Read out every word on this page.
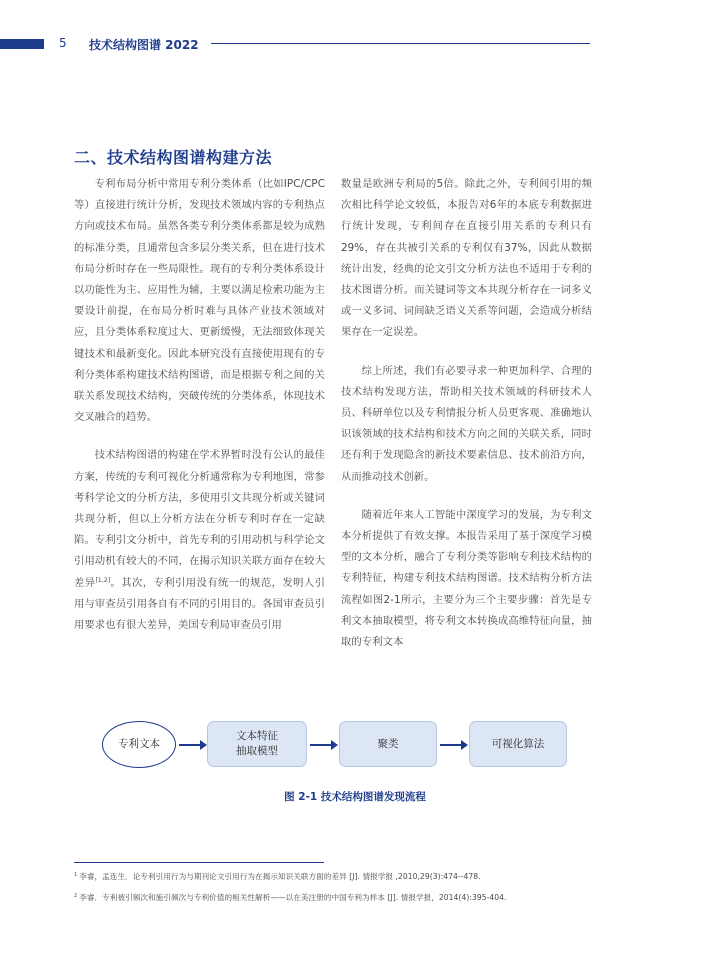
5 技术结构图谱 2022
二、技术结构图谱构建方法

专利布局分析中常用专利分类体系（比如IPC/CPC等）直接进行统计分析，发现技术领域内容的专利热点方向或技术布局。虽然各类专利分类体系都是较为成熟的标准分类，且通常包含多层分类关系，但在进行技术布局分析时存在一些局限性。现有的专利分类体系设计以功能性为主、应用性为辅，主要以满足检索功能为主要设计前提，在布局分析时难与具体产业技术领域对应，且分类体系粒度过大、更新缓慢，无法细致体现关键技术和最新变化。因此本研究没有直接使用现有的专利分类体系构建技术结构图谱，而是根据专利之间的关联关系发现技术结构，突破传统的分类体系，体现技术交叉融合的趋势。

技术结构图谱的构建在学术界暂时没有公认的最佳方案，传统的专利可视化分析通常称为专利地图，常参考科学论文的分析方法，多使用引文共现分析或关键词共现分析，但以上分析方法在分析专利时存在一定缺陷。专利引文分析中，首先专利的引用动机与科学论文引用动机有较大的不同，在揭示知识关联方面存在较大差异[1,2]。其次，专利引用没有统一的规范，发明人引用与审查员引用各自有不同的引用目的。各国审查员引用要求也有很大差异，美国专利局审查员引用

数量是欧洲专利局的5倍。除此之外，专利间引用的频次相比科学论文较低，本报告对6年的本底专利数据进行统计发现，专利间存在直接引用关系的专利只有29%，存在共被引关系的专利仅有37%，因此从数据统计出发，经典的论文引文分析方法也不适用于专利的技术图谱分析。而关键词等文本共现分析存在一词多义或一义多词、词间缺乏语义关系等问题，会造成分析结果存在一定误差。

综上所述，我们有必要寻求一种更加科学、合理的技术结构发现方法，帮助相关技术领域的科研技术人员、科研单位以及专利情报分析人员更客观、准确地认识该领域的技术结构和技术方向之间的关联关系，同时还有利于发现隐含的新技术要素信息、技术前沿方向，从而推动技术创新。

随着近年来人工智能中深度学习的发展，为专利文本分析提供了有效支撑。本报告采用了基于深度学习模型的文本分析，融合了专利分类等影响专利技术结构的专利特征，构建专利技术结构图谱。技术结构分析方法流程如图2-1所示，主要分为三个主要步骤：首先是专利文本抽取模型，将专利文本转换成高维特征向量，抽取的专利文本

专利文本
文本特征
抽取模型
聚类	可视化算法
图 2-1 技术结构图谱发现流程
$^1$ 李睿，孟连生．论专利引用行为与期刊论文引用行为在揭示知识关联方面的差异 [J]. 情报学报 ,2010,29(3):474--478.
$^2$ 李睿．专利被引频次和施引频次与专利价值的相关性解析——以在美注册的中国专利为样本 [J]. 情报学报，2014(4):395-404.
